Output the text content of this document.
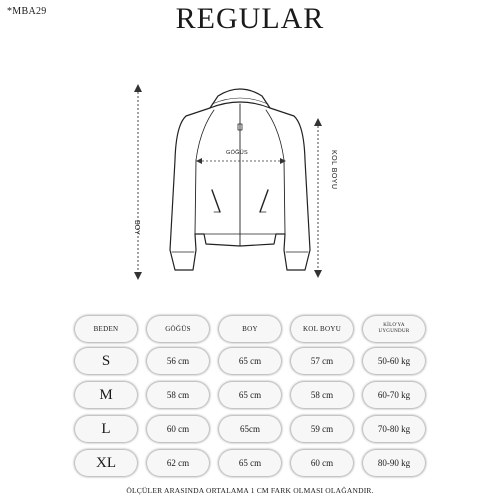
*MBA29	REGULAR
BOY
KOL BOYU
GÖĞÜS
BEDEN	GÖĞÜS	BOY	KOL BOYU	KİLO'YA UYGUNDUR
S	56 cm	65 cm	57 cm	50-60 kg
M	58 cm	65 cm	58 cm	60-70 kg
L	60 cm	65cm	59 cm	70-80 kg
XL	62 cm	65 cm	60 cm	80-90 kg
ÖLÇÜLER ARASINDA ORTALAMA 1 CM FARK OLMASI OLAĞANDIR.
